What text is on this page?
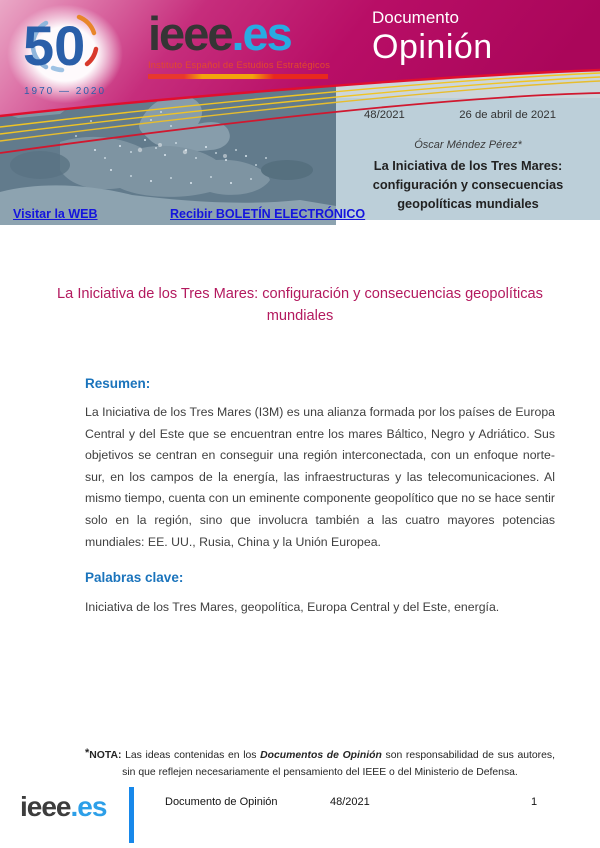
50
1970 — 2020
ieee.es
Instituto Español de Estudios Estratégicos
Documento
Opinión
Visitar la WEB	Recibir BOLETÍN ELECTRÓNICO
48/2021	26 de abril de 2021
Óscar Méndez Pérez*
La Iniciativa de los Tres Mares: configuración y consecuencias geopolíticas mundiales
La Iniciativa de los Tres Mares: configuración y consecuencias geopolíticas mundiales
Resumen:

La Iniciativa de los Tres Mares (I3M) es una alianza formada por los países de Europa Central y del Este que se encuentran entre los mares Báltico, Negro y Adriático. Sus objetivos se centran en conseguir una región interconectada, con un enfoque norte-sur, en los campos de la energía, las infraestructuras y las telecomunicaciones. Al mismo tiempo, cuenta con un eminente componente geopolítico que no se hace sentir solo en la región, sino que involucra también a las cuatro mayores potencias mundiales: EE. UU., Rusia, China y la Unión Europea.

Palabras clave:

Iniciativa de los Tres Mares, geopolítica, Europa Central y del Este, energía.

*NOTA: Las ideas contenidas en los Documentos de Opinión son responsabilidad de sus autores, sin que reflejen necesariamente el pensamiento del IEEE o del Ministerio de Defensa.

ieee.es	Documento de Opinión	48/2021	1
